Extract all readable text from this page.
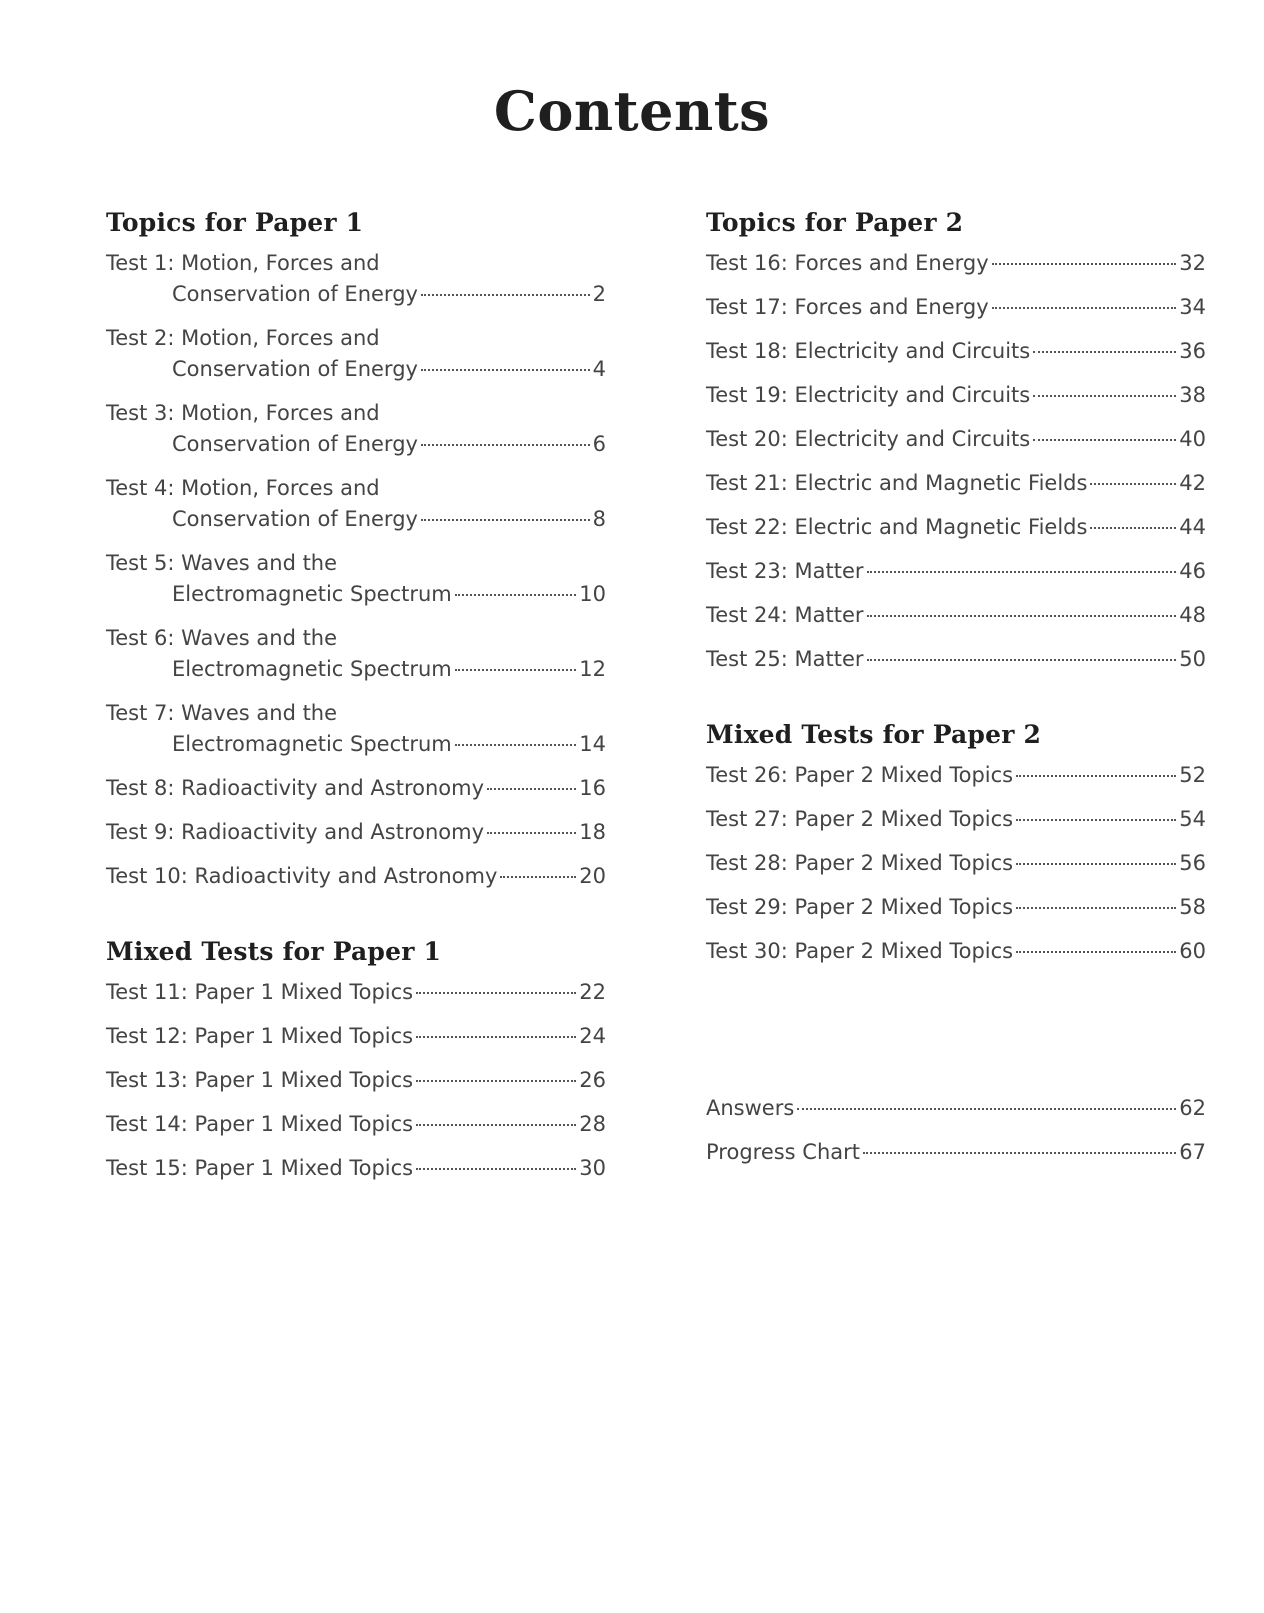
Contents
Topics for Paper 1
Test 1: Motion, Forces and
Conservation of Energy	2
Test 2: Motion, Forces and
Conservation of Energy	4
Test 3: Motion, Forces and
Conservation of Energy	6
Test 4: Motion, Forces and
Conservation of Energy	8
Test 5: Waves and the
Electromagnetic Spectrum	10
Test 6: Waves and the
Electromagnetic Spectrum	12
Test 7: Waves and the
Electromagnetic Spectrum	14
Test 8: Radioactivity and Astronomy	16
Test 9: Radioactivity and Astronomy	18
Test 10: Radioactivity and Astronomy	20
Mixed Tests for Paper 1
Test 11: Paper 1 Mixed Topics	22
Test 12: Paper 1 Mixed Topics	24
Test 13: Paper 1 Mixed Topics	26
Test 14: Paper 1 Mixed Topics	28
Test 15: Paper 1 Mixed Topics	30
Topics for Paper 2
Test 16: Forces and Energy	32
Test 17: Forces and Energy	34
Test 18: Electricity and Circuits	36
Test 19: Electricity and Circuits	38
Test 20: Electricity and Circuits	40
Test 21: Electric and Magnetic Fields	42
Test 22: Electric and Magnetic Fields	44
Test 23: Matter	46
Test 24: Matter	48
Test 25: Matter	50
Mixed Tests for Paper 2
Test 26: Paper 2 Mixed Topics	52
Test 27: Paper 2 Mixed Topics	54
Test 28: Paper 2 Mixed Topics	56
Test 29: Paper 2 Mixed Topics	58
Test 30: Paper 2 Mixed Topics	60
Answers	62
Progress Chart	67
